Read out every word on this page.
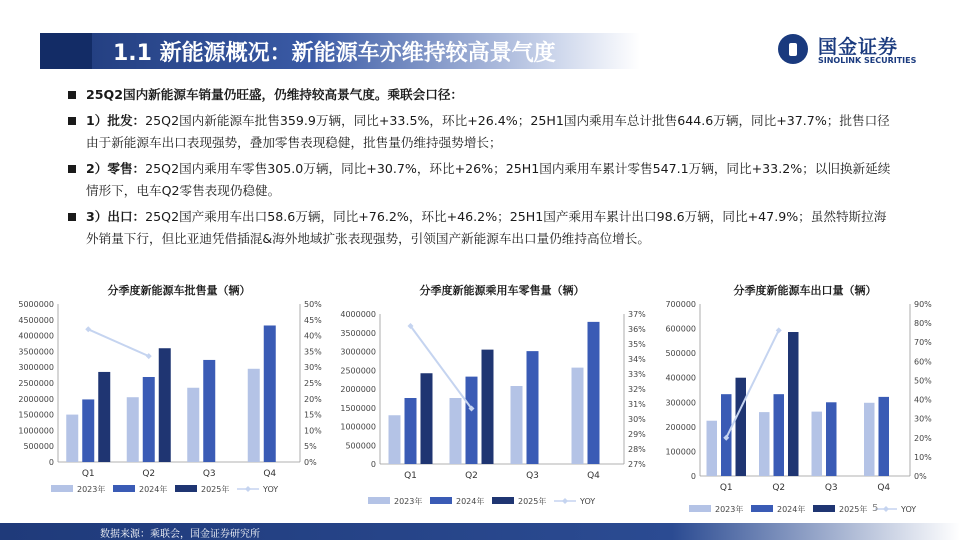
1.1 新能源概况：新能源车亦维持较高景气度	国金证券
SINOLINK SECURITIES
25Q2国内新能源车销量仍旺盛，仍维持较高景气度。乘联会口径：
1）批发：25Q2国内新能源车批售359.9万辆，同比+33.5%，环比+26.4%；25H1国内乘用车总计批售644.6万辆，同比+37.7%；批售口径由于新能源车出口表现强势，叠加零售表现稳健，批售量仍维持强势增长；
2）零售：25Q2国内乘用车零售305.0万辆，同比+30.7%，环比+26%；25H1国内乘用车累计零售547.1万辆，同比+33.2%；以旧换新延续情形下，电车Q2零售表现仍稳健。
3）出口：25Q2国产乘用车出口58.6万辆，同比+76.2%，环比+46.2%；25H1国产乘用车累计出口98.6万辆，同比+47.9%；虽然特斯拉海外销量下行，但比亚迪凭借插混&海外地域扩张表现强势，引领国产新能源车出口量仍维持高位增长。
分季度新能源车批售量（辆）
0
500000
1000000
1500000
2000000
2500000
3000000
3500000
4000000
4500000
5000000
0%
5%
10%
15%
20%
25%
30%
35%
40%
45%
50%
Q1	Q2	Q3	Q4
2023年	2024年	2025年	YOY
分季度新能源乘用车零售量（辆）
0
500000
1000000
1500000
2000000
2500000
3000000
3500000
4000000
27%
28%
29%
30%
31%
32%
33%
34%
35%
36%
37%
Q1	Q2	Q3	Q4
2023年	2024年	2025年	YOY
分季度新能源车出口量（辆）
0
100000
200000
300000
400000
500000
600000
700000
0%
10%
20%
30%
40%
50%
60%
70%
80%
90%
Q1	Q2	Q3	Q4
2023年	2024年	2025年	YOY
5
数据来源：乘联会，国金证券研究所
